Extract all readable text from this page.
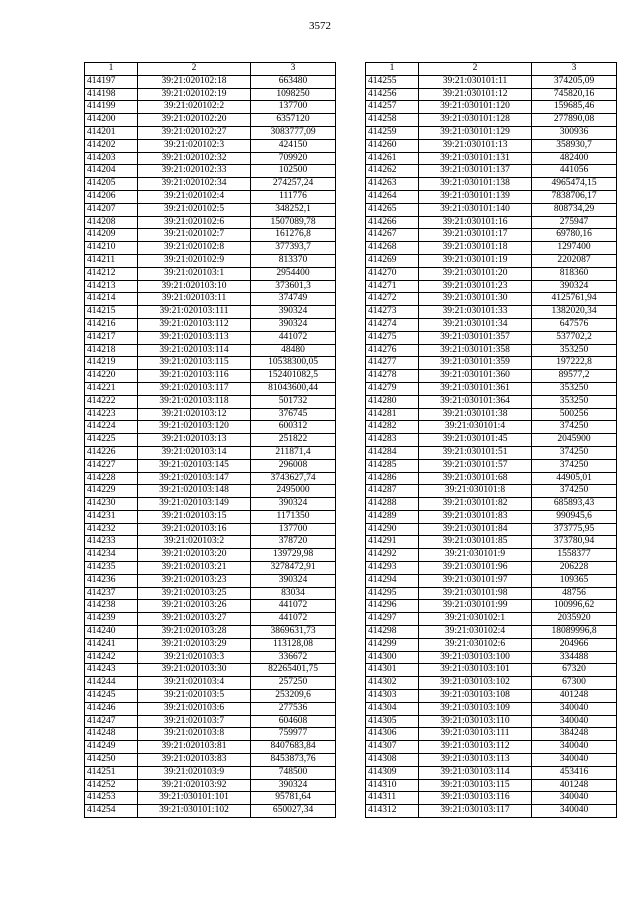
3572
1	2	3
414197	39:21:020102:18	663480
414198	39:21:020102:19	1098250
414199	39:21:020102:2	137700
414200	39:21:020102:20	6357120
414201	39:21:020102:27	3083777,09
414202	39:21:020102:3	424150
414203	39:21:020102:32	709920
414204	39:21:020102:33	102500
414205	39:21:020102:34	274257,24
414206	39:21:020102:4	111776
414207	39:21:020102:5	348252,1
414208	39:21:020102:6	1507089,78
414209	39:21:020102:7	161276,8
414210	39:21:020102:8	377393,7
414211	39:21:020102:9	813370
414212	39:21:020103:1	2954400
414213	39:21:020103:10	373601,3
414214	39:21:020103:11	374749
414215	39:21:020103:111	390324
414216	39:21:020103:112	390324
414217	39:21:020103:113	441072
414218	39:21:020103:114	48480
414219	39:21:020103:115	10538300,05
414220	39:21:020103:116	152401082,5
414221	39:21:020103:117	81043600,44
414222	39:21:020103:118	501732
414223	39:21:020103:12	376745
414224	39:21:020103:120	600312
414225	39:21:020103:13	251822
414226	39:21:020103:14	211871,4
414227	39:21:020103:145	296008
414228	39:21:020103:147	3743627,74
414229	39:21:020103:148	2495000
414230	39:21:020103:149	390324
414231	39:21:020103:15	1171350
414232	39:21:020103:16	137700
414233	39:21:020103:2	378720
414234	39:21:020103:20	139729,98
414235	39:21:020103:21	3278472,91
414236	39:21:020103:23	390324
414237	39:21:020103:25	83034
414238	39:21:020103:26	441072
414239	39:21:020103:27	441072
414240	39:21:020103:28	3869631,73
414241	39:21:020103:29	113128,08
414242	39:21:020103:3	336672
414243	39:21:020103:30	82265401,75
414244	39:21:020103:4	257250
414245	39:21:020103:5	253209,6
414246	39:21:020103:6	277536
414247	39:21:020103:7	604608
414248	39:21:020103:8	759977
414249	39:21:020103:81	8407683,84
414250	39:21:020103:83	8453873,76
414251	39:21:020103:9	748500
414252	39:21:020103:92	390324
414253	39:21:030101:101	95781,64
414254	39:21:030101:102	650027,34
1	2	3
414255	39:21:030101:11	374205,09
414256	39:21:030101:12	745820,16
414257	39:21:030101:120	159685,46
414258	39:21:030101:128	277890,08
414259	39:21:030101:129	300936
414260	39:21:030101:13	358930,7
414261	39:21:030101:131	482400
414262	39:21:030101:137	441056
414263	39:21:030101:138	4965474,15
414264	39:21:030101:139	7838706,17
414265	39:21:030101:140	808734,29
414266	39:21:030101:16	275947
414267	39:21:030101:17	69780,16
414268	39:21:030101:18	1297400
414269	39:21:030101:19	2202087
414270	39:21:030101:20	818360
414271	39:21:030101:23	390324
414272	39:21:030101:30	4125761,94
414273	39:21:030101:33	1382020,34
414274	39:21:030101:34	647576
414275	39:21:030101:357	537702,2
414276	39:21:030101:358	353250
414277	39:21:030101:359	197222,8
414278	39:21:030101:360	89577,2
414279	39:21:030101:361	353250
414280	39:21:030101:364	353250
414281	39:21:030101:38	500256
414282	39:21:030101:4	374250
414283	39:21:030101:45	2045900
414284	39:21:030101:51	374250
414285	39:21:030101:57	374250
414286	39:21:030101:68	44905,01
414287	39:21:030101:8	374250
414288	39:21:030101:82	685893,43
414289	39:21:030101:83	990945,6
414290	39:21:030101:84	373775,95
414291	39:21:030101:85	373780,94
414292	39:21:030101:9	1558377
414293	39:21:030101:96	206228
414294	39:21:030101:97	109365
414295	39:21:030101:98	48756
414296	39:21:030101:99	100996,62
414297	39:21:030102:1	2035920
414298	39:21:030102:4	18089996,8
414299	39:21:030102:6	204966
414300	39:21:030103:100	334488
414301	39:21:030103:101	67320
414302	39:21:030103:102	67300
414303	39:21:030103:108	401248
414304	39:21:030103:109	340040
414305	39:21:030103:110	340040
414306	39:21:030103:111	384248
414307	39:21:030103:112	340040
414308	39:21:030103:113	340040
414309	39:21:030103:114	453416
414310	39:21:030103:115	401248
414311	39:21:030103:116	340040
414312	39:21:030103:117	340040
